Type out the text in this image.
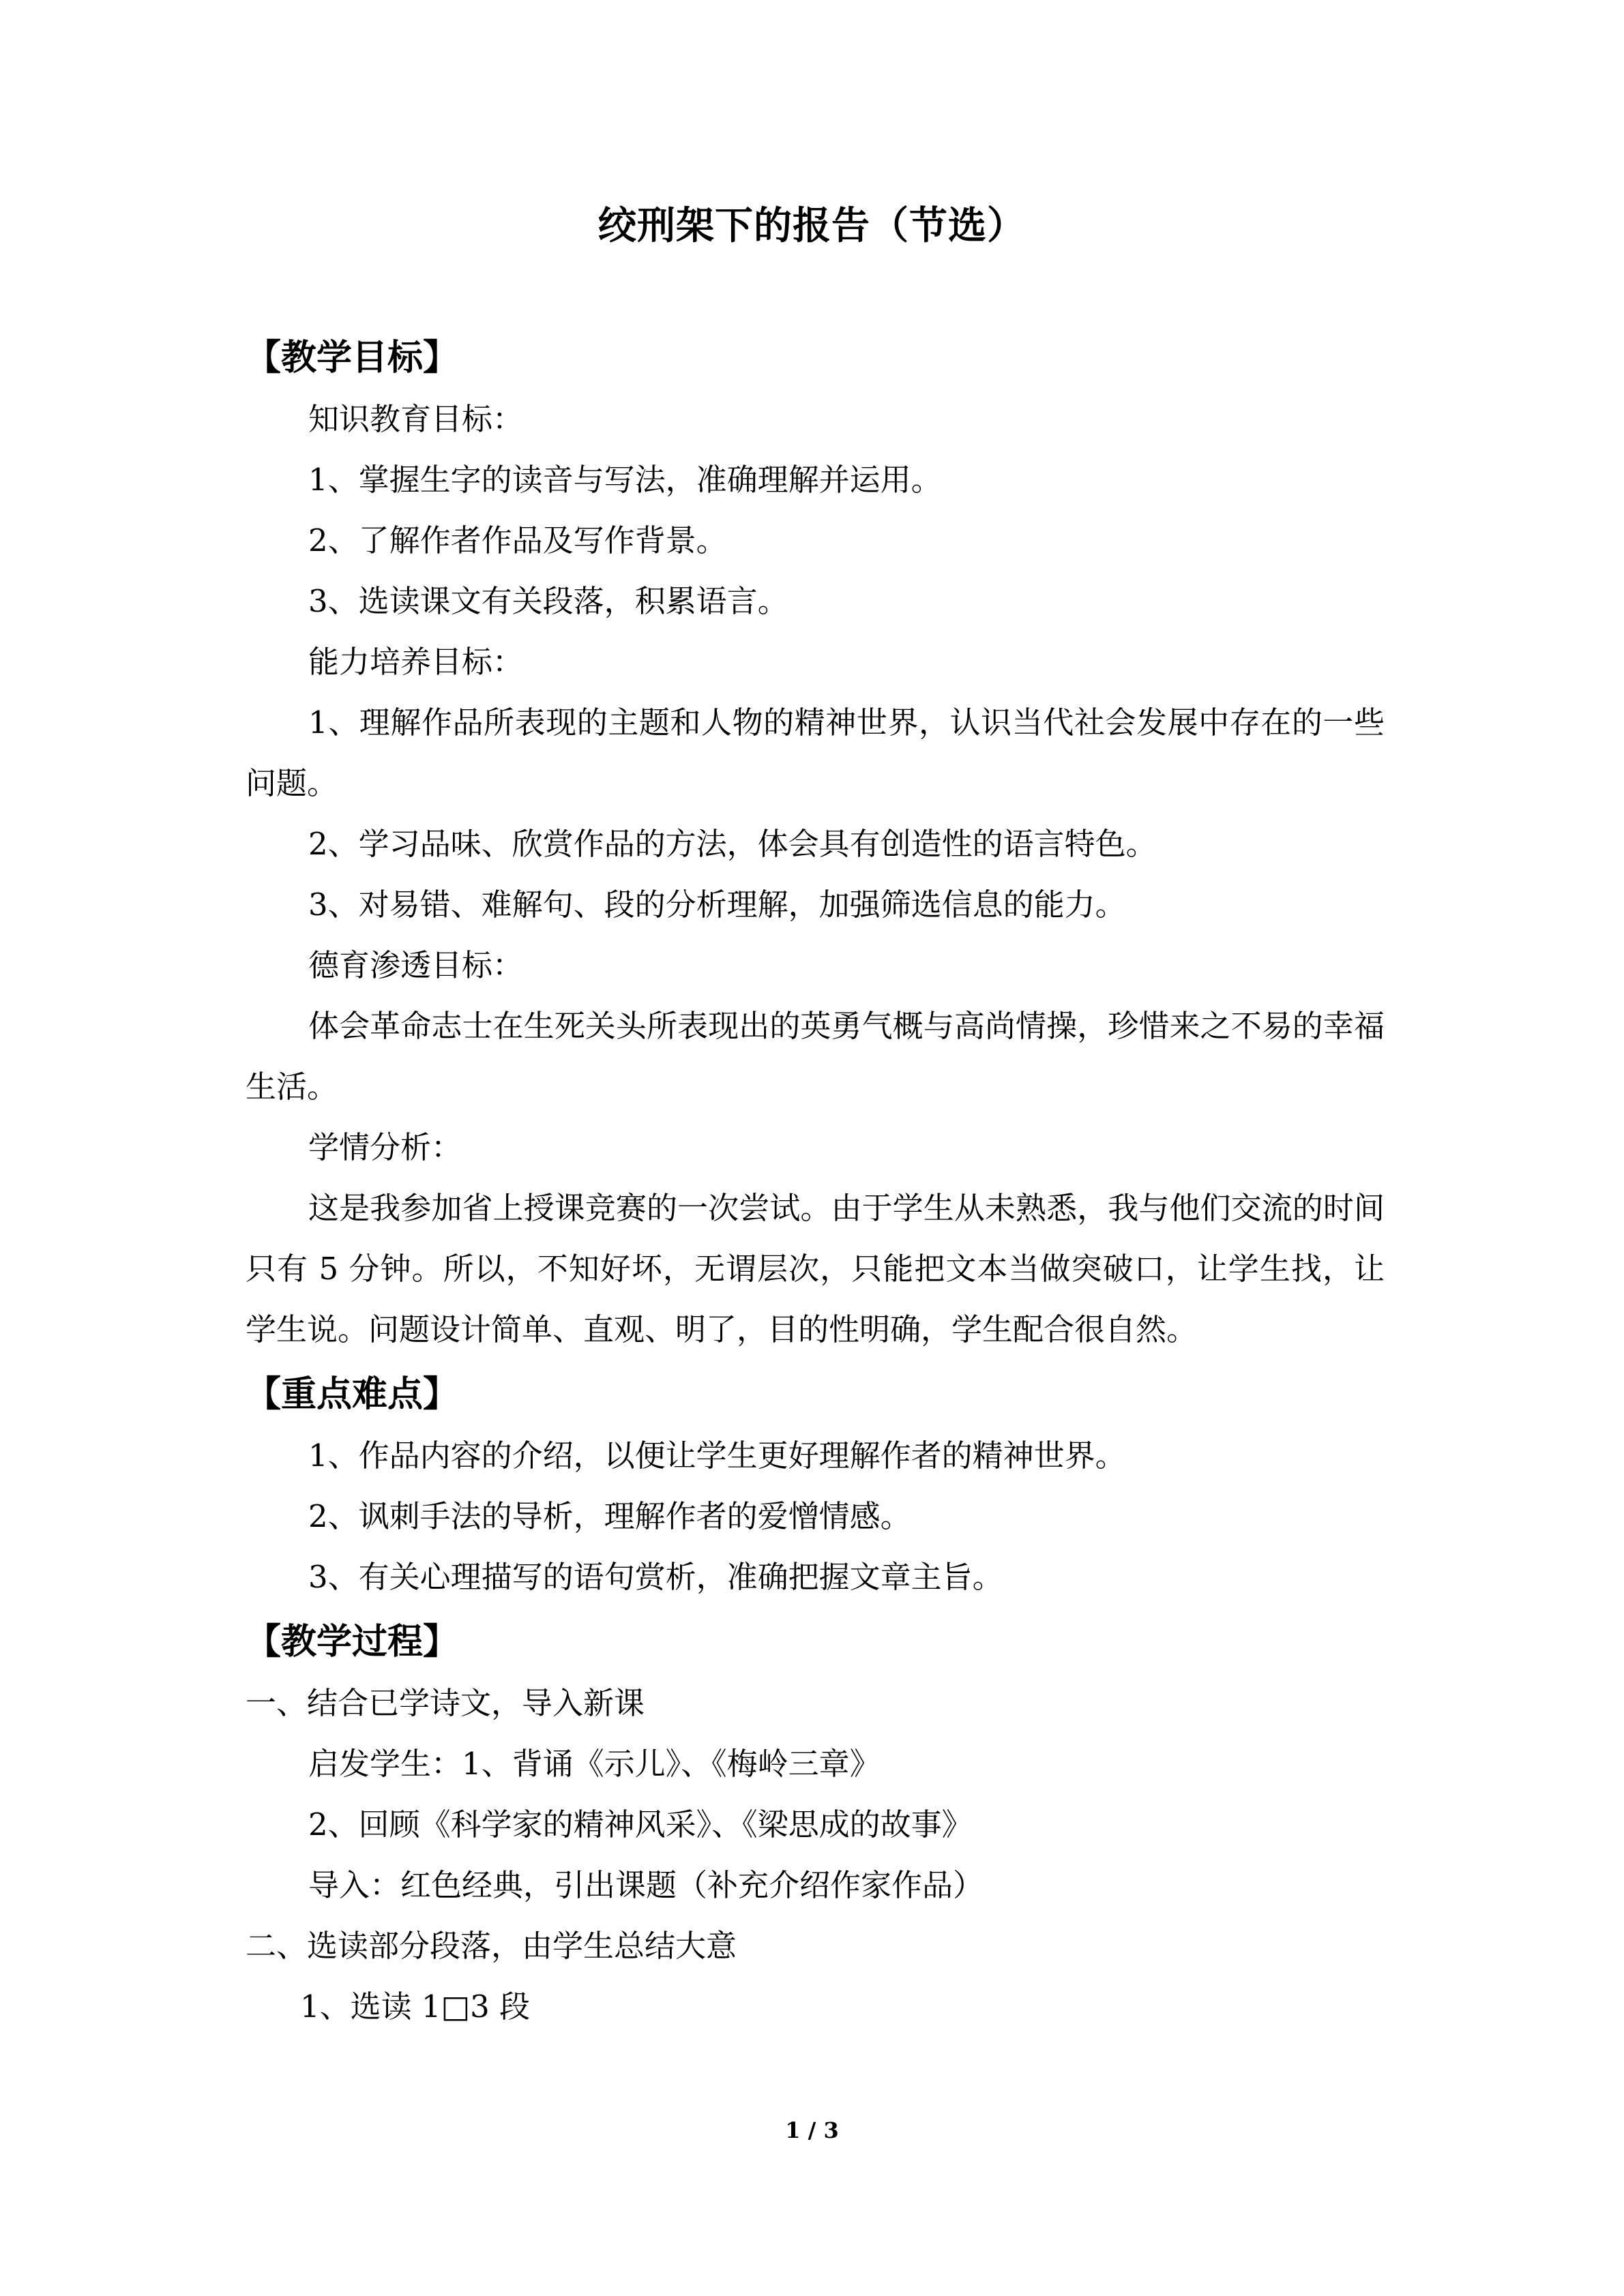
绞刑架下的报告（节选）

【教学目标】

知识教育目标：

1、掌握生字的读音与写法，准确理解并运用。

2、了解作者作品及写作背景。

3、选读课文有关段落，积累语言。

能力培养目标：

1、理解作品所表现的主题和人物的精神世界，认识当代社会发展中存在的一些问题。

2、学习品味、欣赏作品的方法，体会具有创造性的语言特色。

3、对易错、难解句、段的分析理解，加强筛选信息的能力。

德育渗透目标：

体会革命志士在生死关头所表现出的英勇气概与高尚情操，珍惜来之不易的幸福生活。

学情分析：

这是我参加省上授课竞赛的一次尝试。由于学生从未熟悉，我与他们交流的时间只有 5 分钟。所以，不知好坏，无谓层次，只能把文本当做突破口，让学生找，让学生说。问题设计简单、直观、明了，目的性明确，学生配合很自然。

【重点难点】

1、作品内容的介绍，以便让学生更好理解作者的精神世界。

2、讽刺手法的导析，理解作者的爱憎情感。

3、有关心理描写的语句赏析，准确把握文章主旨。

【教学过程】

一、结合已学诗文，导入新课

启发学生：1、背诵《示儿》、《梅岭三章》

2、回顾《科学家的精神风采》、《梁思成的故事》

导入：红色经典，引出课题（补充介绍作家作品）

二、选读部分段落，由学生总结大意

1、选读 1□3 段

1 / 3
